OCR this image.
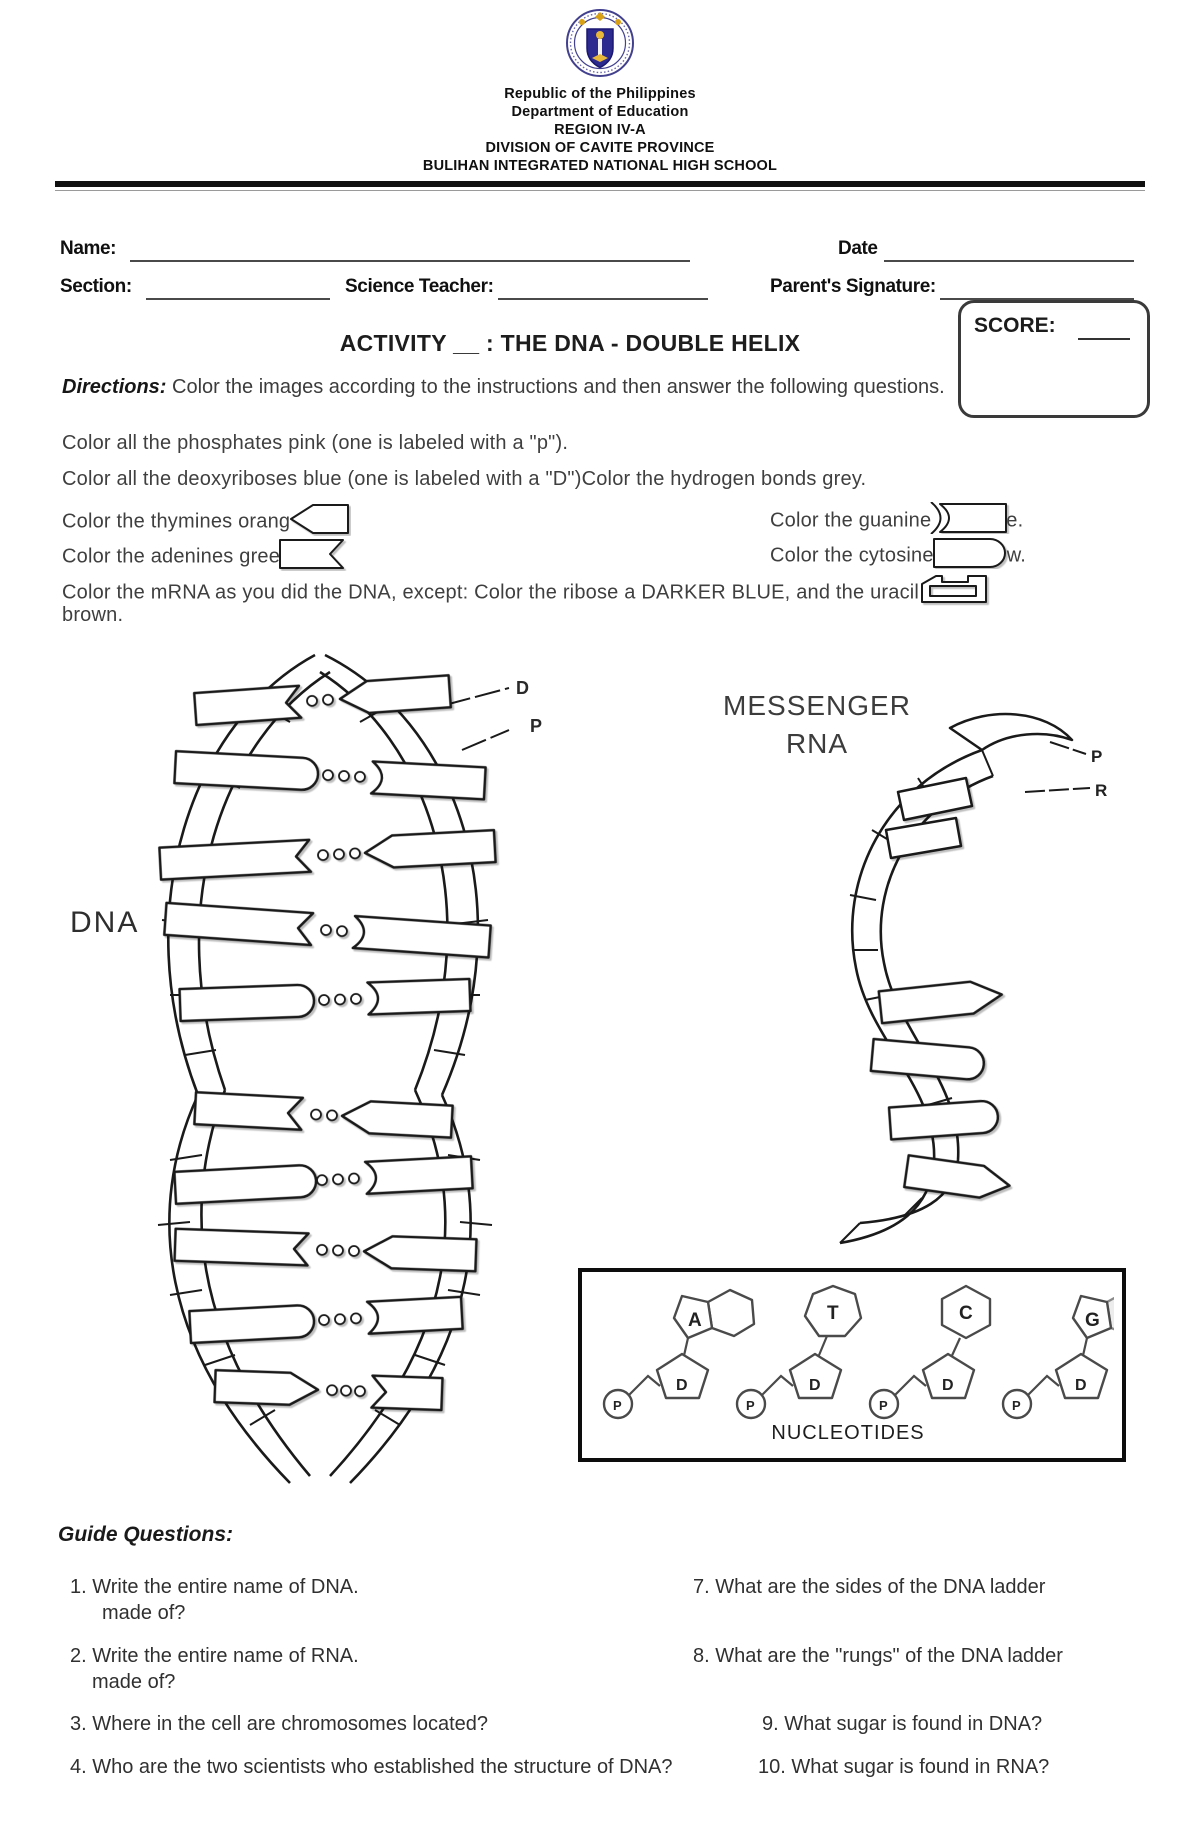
Republic of the Philippines
Department of Education
REGION IV-A
DIVISION OF CAVITE PROVINCE
BULIHAN INTEGRATED NATIONAL HIGH SCHOOL
Name:	Date
Section:	Science Teacher:	Parent's Signature:
SCORE:
ACTIVITY __ : THE DNA - DOUBLE HELIX
Directions: Color the images according to the instructions and then answer the following questions.
Color all the phosphates pink (one is labeled with a "p").
Color all the deoxyriboses blue (one is labeled with a "D")Color the hydrogen bonds grey.
Color the thymines orang	Color the guanine	e.
Color the adenines gree	Color the cytosine	w.
Color the mRNA as you did the DNA, except: Color the ribose a DARKER BLUE, and the uracil
brown.
D
P
DNA
MESSENGER
RNA	P
R
A
D
P
T
D
P
C
D
P
G
D
P
NUCLEOTIDES
Guide Questions:
1. Write the entire name of DNA.
made of?
2. Write the entire name of RNA.
made of?
3. Where in the cell are chromosomes located?
4. Who are the two scientists who established the structure of DNA?
7. What are the sides of the DNA ladder
8. What are the "rungs" of the DNA ladder
9. What sugar is found in DNA?
10. What sugar is found in RNA?
